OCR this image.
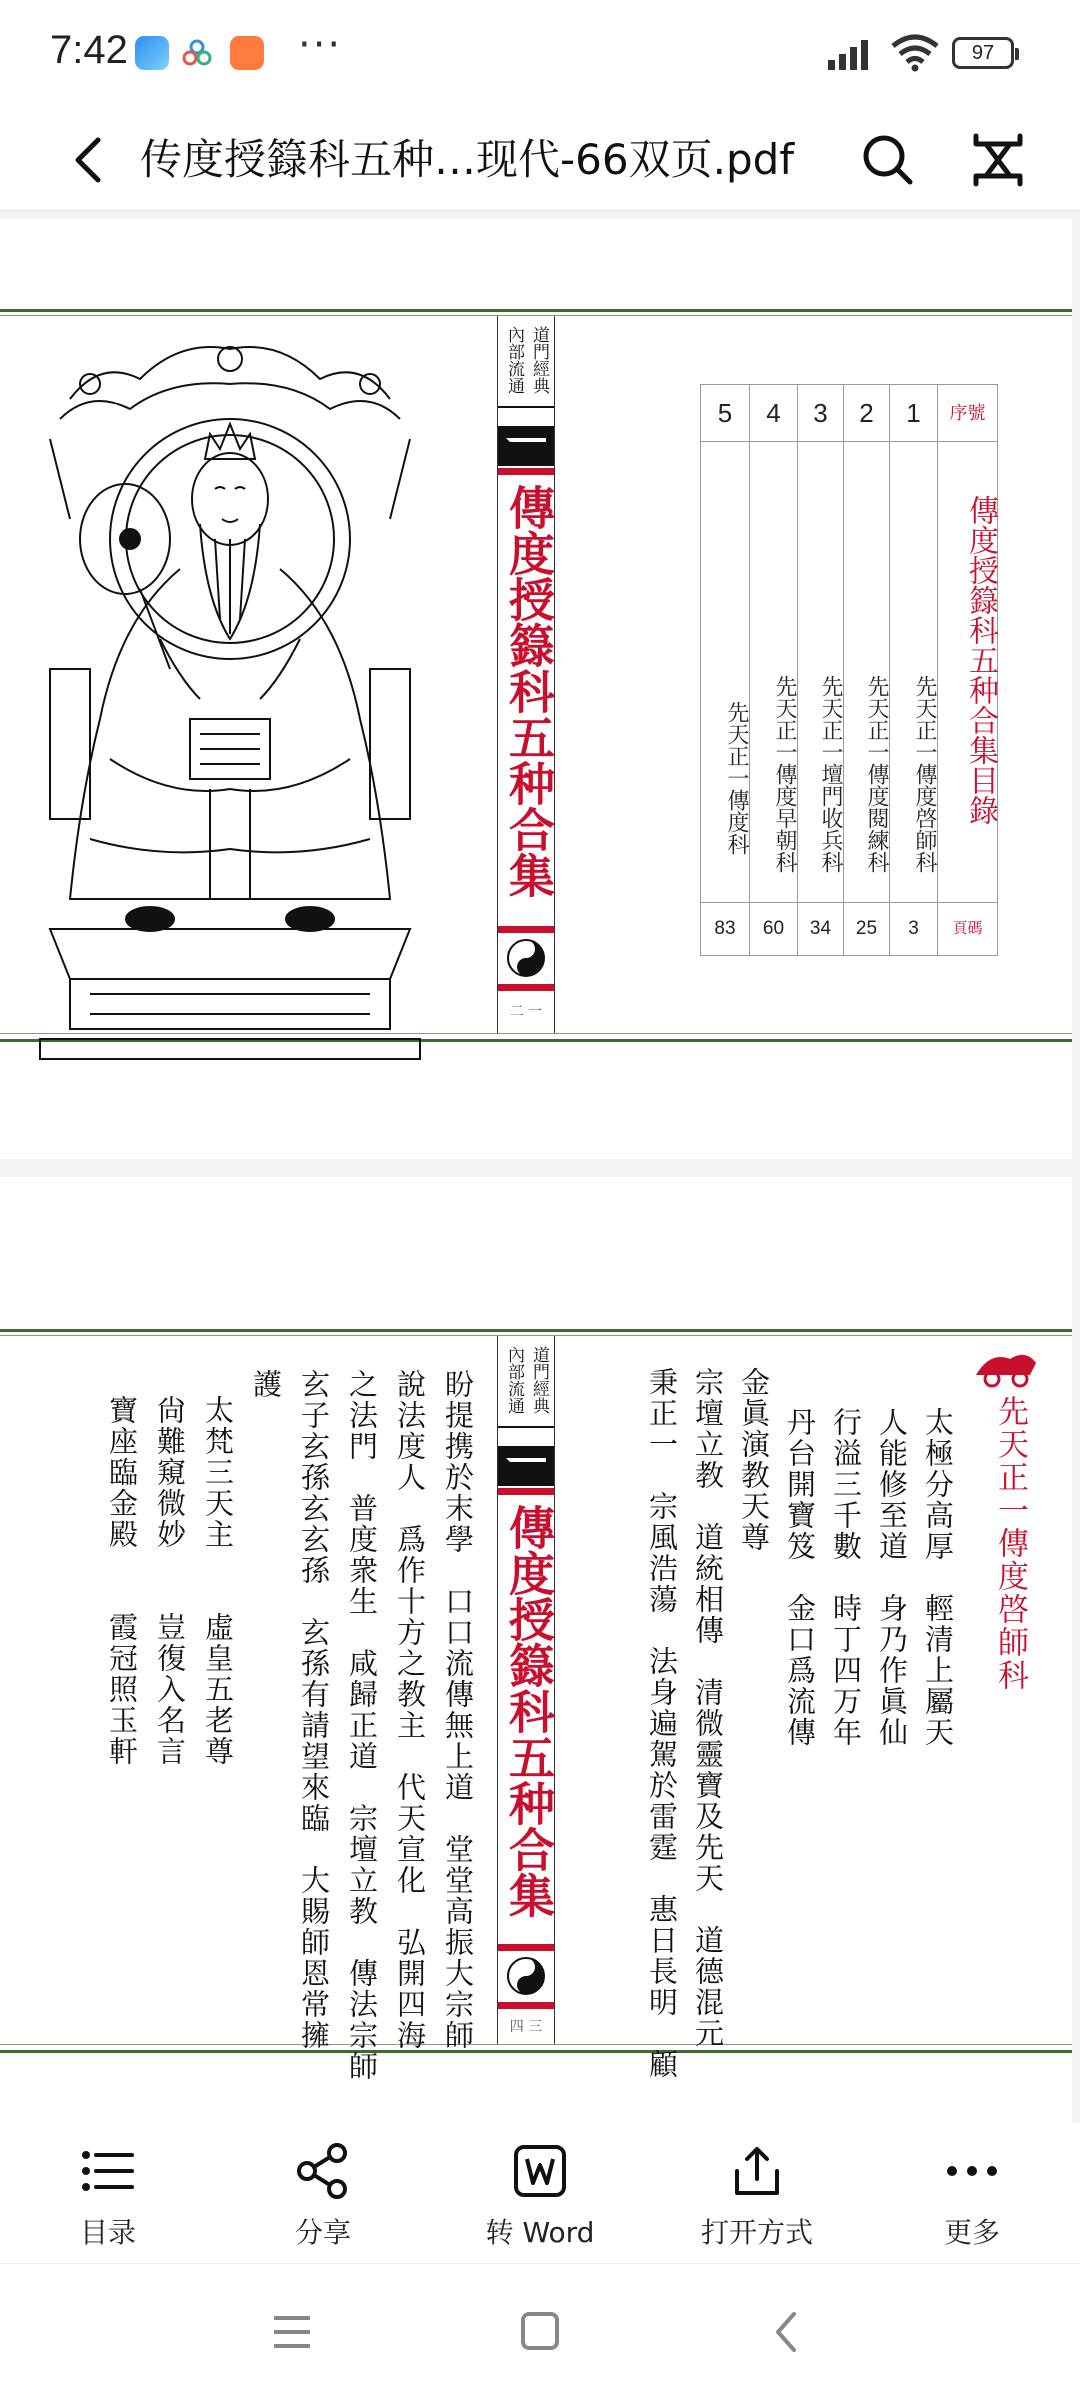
7:42	···	97
传度授籙科五种…现代-66双页.pdf
道門經典
內部流通
傳度授籙科五种合集
二 一
序號
傳度授籙科五种合集目錄
頁碼
1
先天正一傳度啓師科
3
2
先天正一傳度閱練科
25
3
先天正一壇門收兵科
34
4
先天正一傳度早朝科
60
5
先天正一傳度科
83
道門經典
內部流通
傳度授籙科五种合集
四 三
先天正一傳度啓師科
太極分高厚　輕清上屬天
人能修至道　身乃作眞仙
行溢三千數　時丁四万年
丹台開寶笈　金口爲流傳
金眞演教天尊
宗壇立教　道統相傳　清微靈寶及先天　道德混元
秉正一　宗風浩蕩　法身遍駕於雷霆　惠日長明　顧
盼提携於末學　口口流傳無上道　堂堂高振大宗師
說法度人　爲作十方之教主　代天宣化　弘開四海
之法門　普度衆生　咸歸正道　宗壇立教　傳法宗師
玄子玄孫玄玄孫　玄孫有請望來臨　大賜師恩常擁
護
太梵三天主　　虛皇五老尊
尙難窺微妙　　豈復入名言
寶座臨金殿　　霞冠照玉軒
目录	分享	转 Word	打开方式	更多
